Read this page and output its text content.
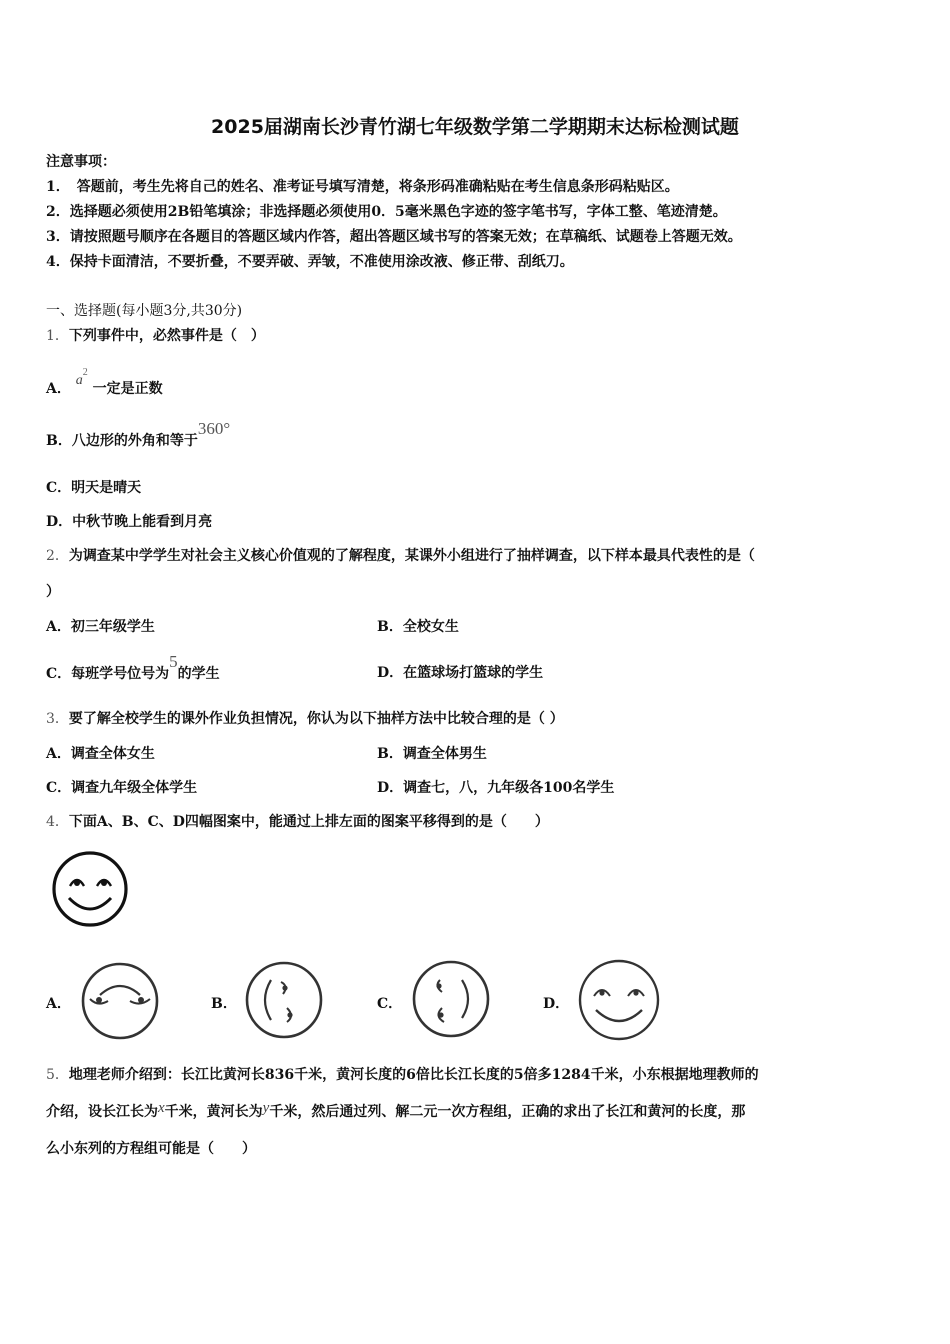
2025届湖南长沙青竹湖七年级数学第二学期期末达标检测试题
注意事项：
1．　答题前，考生先将自己的姓名、准考证号填写清楚，将条形码准确粘贴在考生信息条形码粘贴区。
2．选择题必须使用2B铅笔填涂；非选择题必须使用0．5毫米黑色字迹的签字笔书写，字体工整、笔迹清楚。
3．请按照题号顺序在各题目的答题区域内作答，超出答题区域书写的答案无效；在草稿纸、试题卷上答题无效。
4．保持卡面清洁，不要折叠，不要弄破、弄皱，不准使用涂改液、修正带、刮纸刀。
一、选择题(每小题3分,共30分)
1．下列事件中，必然事件是（　）
A． $a^2$ 一定是正数
B．八边形的外角和等于360°
C．明天是晴天
D．中秋节晚上能看到月亮
2．为调查某中学学生对社会主义核心价值观的了解程度，某课外小组进行了抽样调查，以下样本最具代表性的是（
）
A．初三年级学生	B．全校女生
C．每班学号位号为5的学生	D．在篮球场打篮球的学生
3．要了解全校学生的课外作业负担情况，你认为以下抽样方法中比较合理的是（ ）
A．调查全体女生	B．调查全体男生
C．调查九年级全体学生	D．调查七，八，九年级各100名学生
4．下面A、B、C、D四幅图案中，能通过上排左面的图案平移得到的是（　　）
A．	B．	C．	D．
5．地理老师介绍到：长江比黄河长836千米，黄河长度的6倍比长江长度的5倍多1284千米，小东根据地理教师的
介绍，设长江长为x千米，黄河长为y千米，然后通过列、解二元一次方程组，正确的求出了长江和黄河的长度，那
么小东列的方程组可能是（　　）
